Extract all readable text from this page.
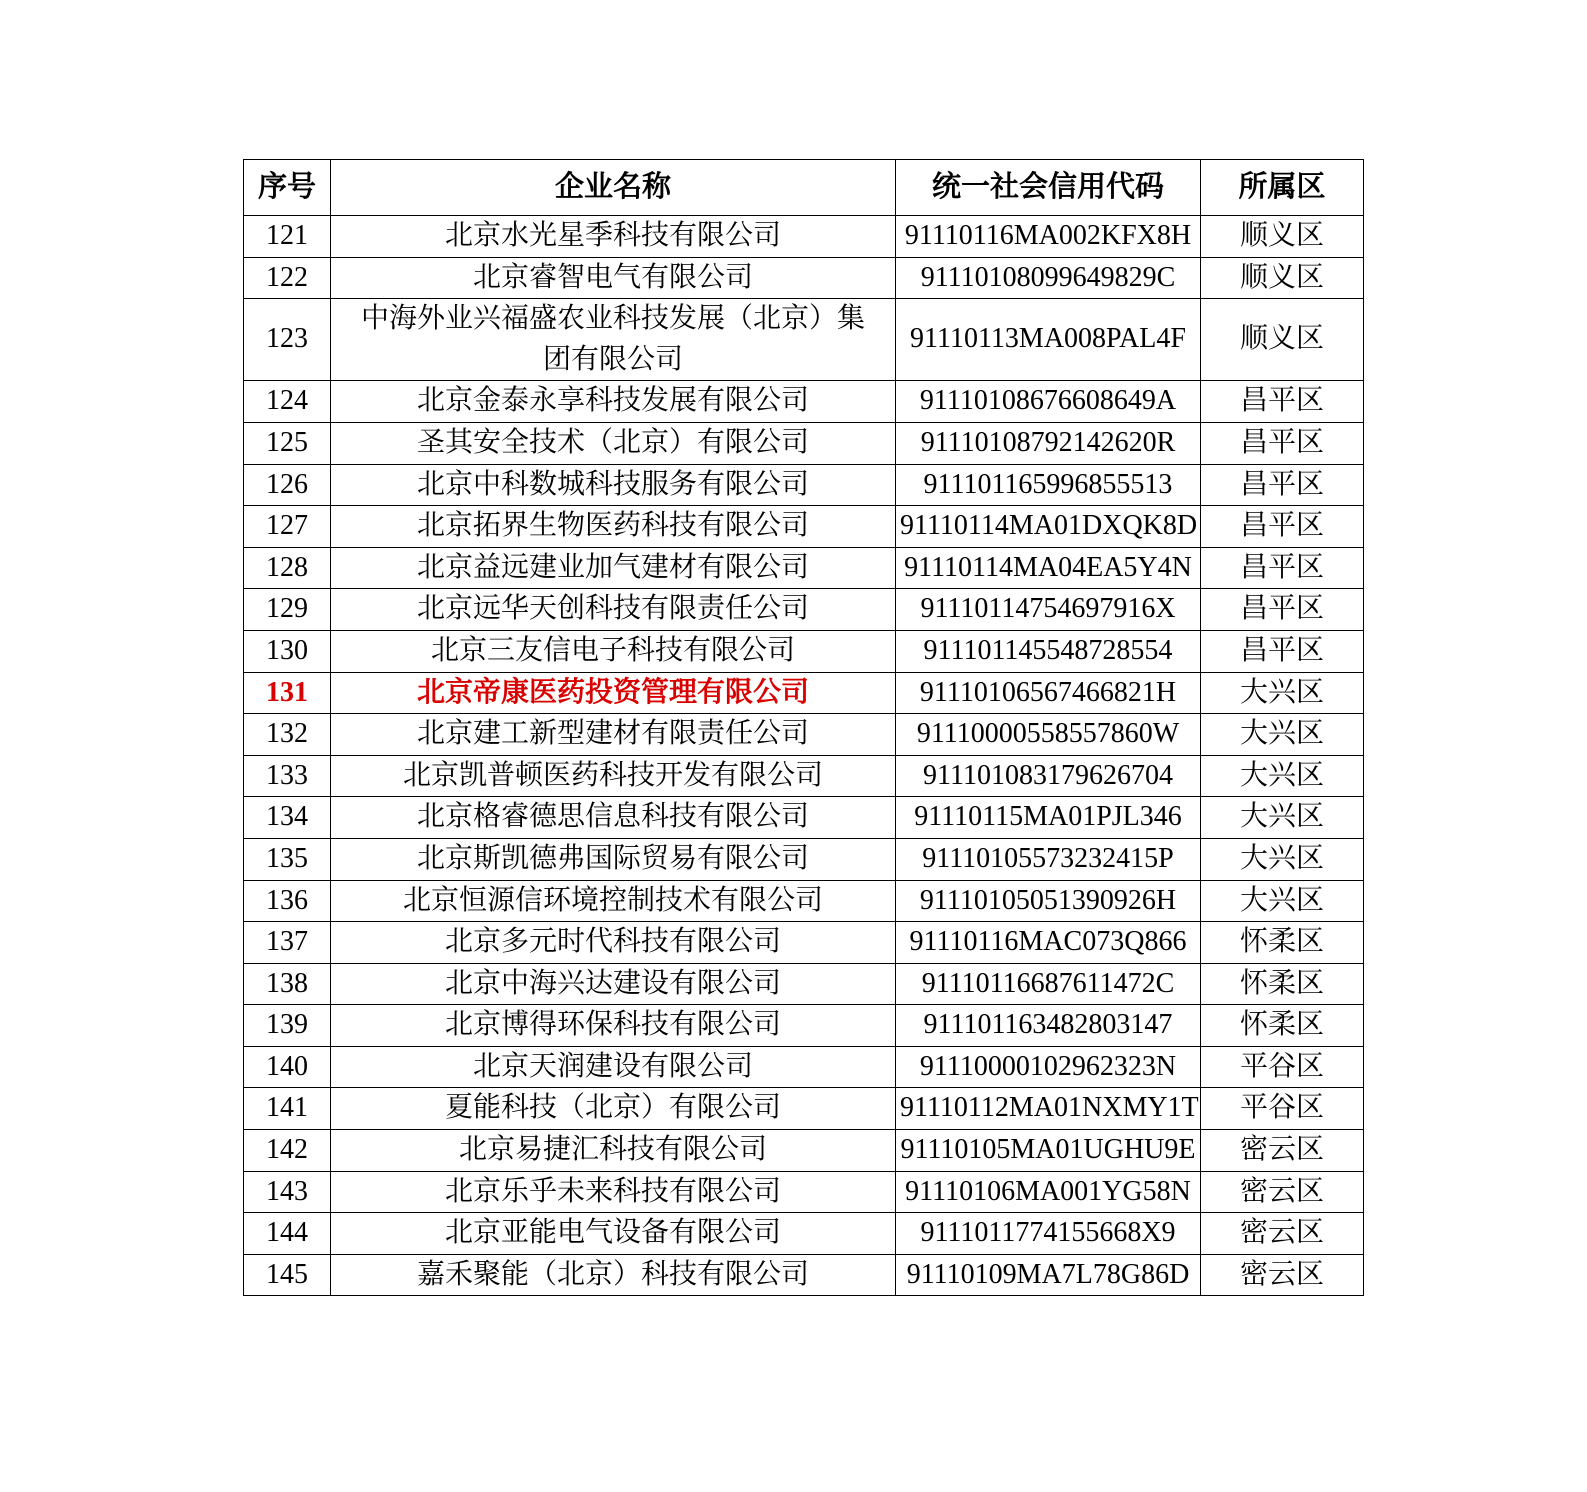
序号	企业名称	统一社会信用代码	所属区
121	北京水光星季科技有限公司	91110116MA002KFX8H	顺义区
122	北京睿智电气有限公司	91110108099649829C	顺义区
123	中海外业兴福盛农业科技发展（北京）集团有限公司	91110113MA008PAL4F	顺义区
124	北京金泰永享科技发展有限公司	91110108676608649A	昌平区
125	圣其安全技术（北京）有限公司	91110108792142620R	昌平区
126	北京中科数城科技服务有限公司	911101165996855513	昌平区
127	北京拓界生物医药科技有限公司	91110114MA01DXQK8D	昌平区
128	北京益远建业加气建材有限公司	91110114MA04EA5Y4N	昌平区
129	北京远华天创科技有限责任公司	91110114754697916X	昌平区
130	北京三友信电子科技有限公司	911101145548728554	昌平区
131	北京帝康医药投资管理有限公司	91110106567466821H	大兴区
132	北京建工新型建材有限责任公司	91110000558557860W	大兴区
133	北京凯普顿医药科技开发有限公司	911101083179626704	大兴区
134	北京格睿德思信息科技有限公司	91110115MA01PJL346	大兴区
135	北京斯凯德弗国际贸易有限公司	91110105573232415P	大兴区
136	北京恒源信环境控制技术有限公司	91110105051390926H	大兴区
137	北京多元时代科技有限公司	91110116MAC073Q866	怀柔区
138	北京中海兴达建设有限公司	91110116687611472C	怀柔区
139	北京博得环保科技有限公司	911101163482803147	怀柔区
140	北京天润建设有限公司	91110000102962323N	平谷区
141	夏能科技（北京）有限公司	91110112MA01NXMY1T	平谷区
142	北京易捷汇科技有限公司	91110105MA01UGHU9E	密云区
143	北京乐乎未来科技有限公司	91110106MA001YG58N	密云区
144	北京亚能电气设备有限公司	9111011774155668X9	密云区
145	嘉禾聚能（北京）科技有限公司	91110109MA7L78G86D	密云区
